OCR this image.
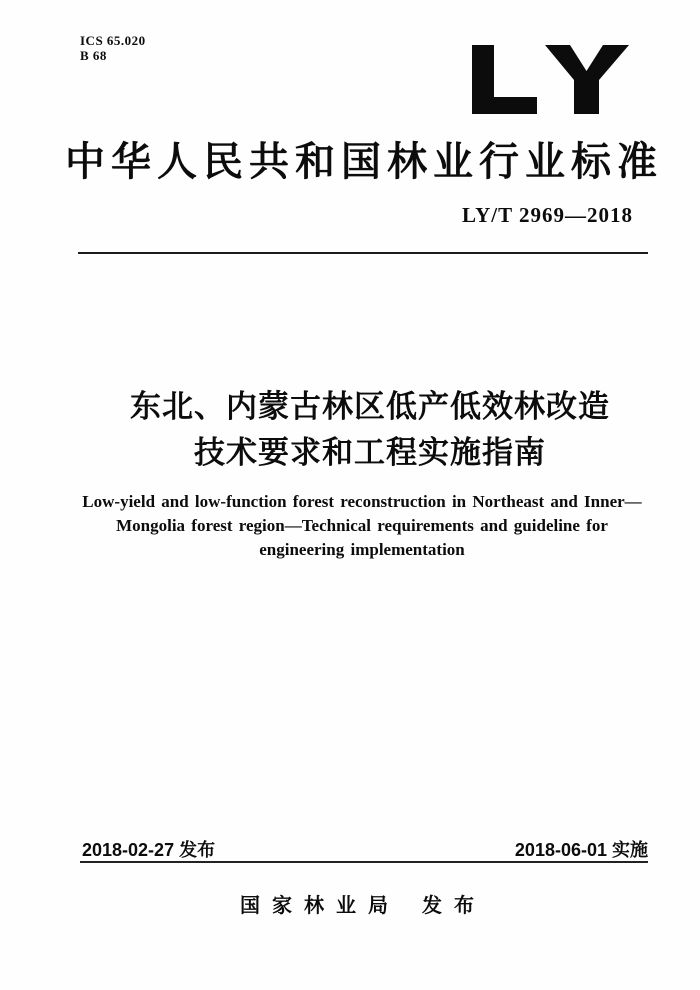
ICS 65.020
B 68
中华人民共和国林业行业标准
LY/T 2969—2018
东北、内蒙古林区低产低效林改造
技术要求和工程实施指南
Low-yield and low-function forest reconstruction in Northeast and Inner—
Mongolia forest region—Technical requirements and guideline for
engineering implementation
2018-02-27 发布	2018-06-01 实施
国家林业局 发布
